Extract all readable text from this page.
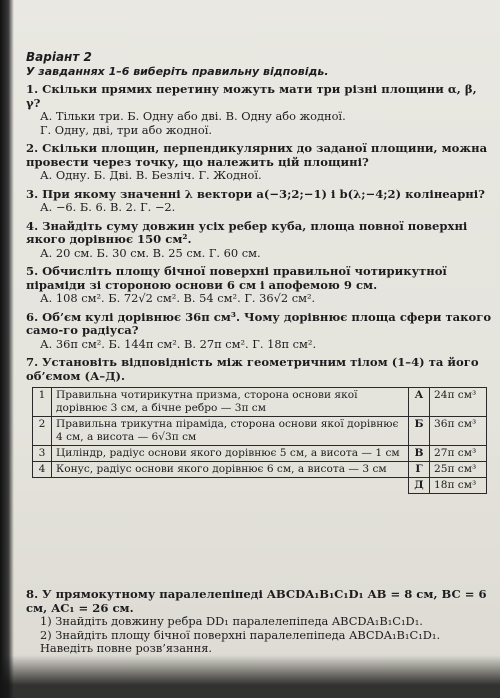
Варіант 2
У завданнях 1–6 виберіть правильну відповідь.
1. Скільки прямих перетину можуть мати три різні площини α, β, γ?
А. Тільки три. Б. Одну або дві. В. Одну або жодної.
Г. Одну, дві, три або жодної.
2. Скільки площин, перпендикулярних до заданої площини, можна провести через точку, що належить цій площині?
А. Одну. Б. Дві. В. Безліч. Г. Жодної.
3. При якому значенні λ вектори a(−3;2;−1) і b(λ;−4;2) колінеарні?
А. −6. Б. 6. В. 2. Г. −2.
4. Знайдіть суму довжин усіх ребер куба, площа повної поверхні якого дорівнює 150 см².
А. 20 см. Б. 30 см. В. 25 см. Г. 60 см.
5. Обчисліть площу бічної поверхні правильної чотирикутної піраміди зі стороною основи 6 см і апофемою 9 см.
А. 108 см². Б. 72√2 см². В. 54 см². Г. 36√2 см².
6. Об’єм кулі дорівнює 36π см³. Чому дорівнює площа сфери такого само-го радіуса?
А. 36π см². Б. 144π см². В. 27π см². Г. 18π см².
7. Установіть відповідність між геометричним тілом (1–4) та його об’ємом (А–Д).
1	Правильна чотирикутна призма, сторона основи якої дорівнює 3 см, а бічне ребро — 3π см	А	24π см³
2	Правильна трикутна піраміда, сторона основи якої дорівнює 4 см, а висота — 6√3π см	Б	36π см³
3	Циліндр, радіус основи якого дорівнює 5 см, а висота — 1 см	В	27π см³
4	Конус, радіус основи якого дорівнює 6 см, а висота — 3 см	Г	25π см³
		Д	18π см³
8. У прямокутному паралелепіпеді ABCDA₁B₁C₁D₁ AB = 8 см, BC = 6 см, AC₁ = 26 см.
1) Знайдіть довжину ребра DD₁ паралелепіпеда ABCDA₁B₁C₁D₁.
2) Знайдіть площу бічної поверхні паралелепіпеда ABCDA₁B₁C₁D₁.
Наведіть повне розв’язання.
